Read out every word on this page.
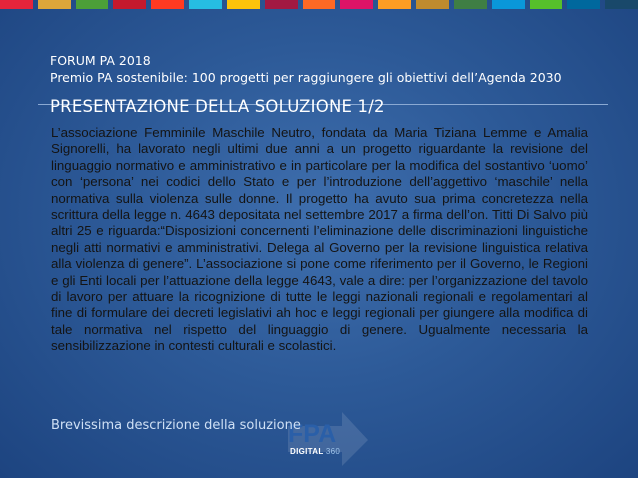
FORUM PA 2018
Premio PA sostenibile: 100 progetti per raggiungere gli obiettivi dell’Agenda 2030
PRESENTAZIONE DELLA SOLUZIONE 1/2

L’associazione Femminile Maschile Neutro, fondata da Maria Tiziana Lemme e Amalia Signorelli, ha lavorato negli ultimi due anni a un progetto riguardante la revisione del linguaggio normativo e amministrativo e in particolare per la modifica del sostantivo ‘uomo’ con ‘persona’ nei codici dello Stato e per l’introduzione dell’aggettivo ‘maschile’ nella normativa sulla violenza sulle donne. Il progetto ha avuto sua prima concretezza nella scrittura della legge n. 4643 depositata nel settembre 2017 a firma dell’on. Titti Di Salvo più altri 25 e riguarda:“Disposizioni concernenti l’eliminazione delle discriminazioni linguistiche negli atti normativi e amministrativi. Delega al Governo per la revisione linguistica relativa alla violenza di genere”. L’associazione si pone come riferimento per il Governo, le Regioni e gli Enti locali per l’attuazione della legge 4643, vale a dire: per l’organizzazione del tavolo di lavoro per attuare la ricognizione di tutte le leggi nazionali regionali e regolamentari al fine di formulare dei decreti legislativi ah hoc e leggi regionali per giungere alla modifica di tale normativa nel rispetto del linguaggio di genere. Ugualmente necessaria la sensibilizzazione in contesti culturali e scolastici.

FPA
DIGITAL 360
Brevissima descrizione della soluzione
